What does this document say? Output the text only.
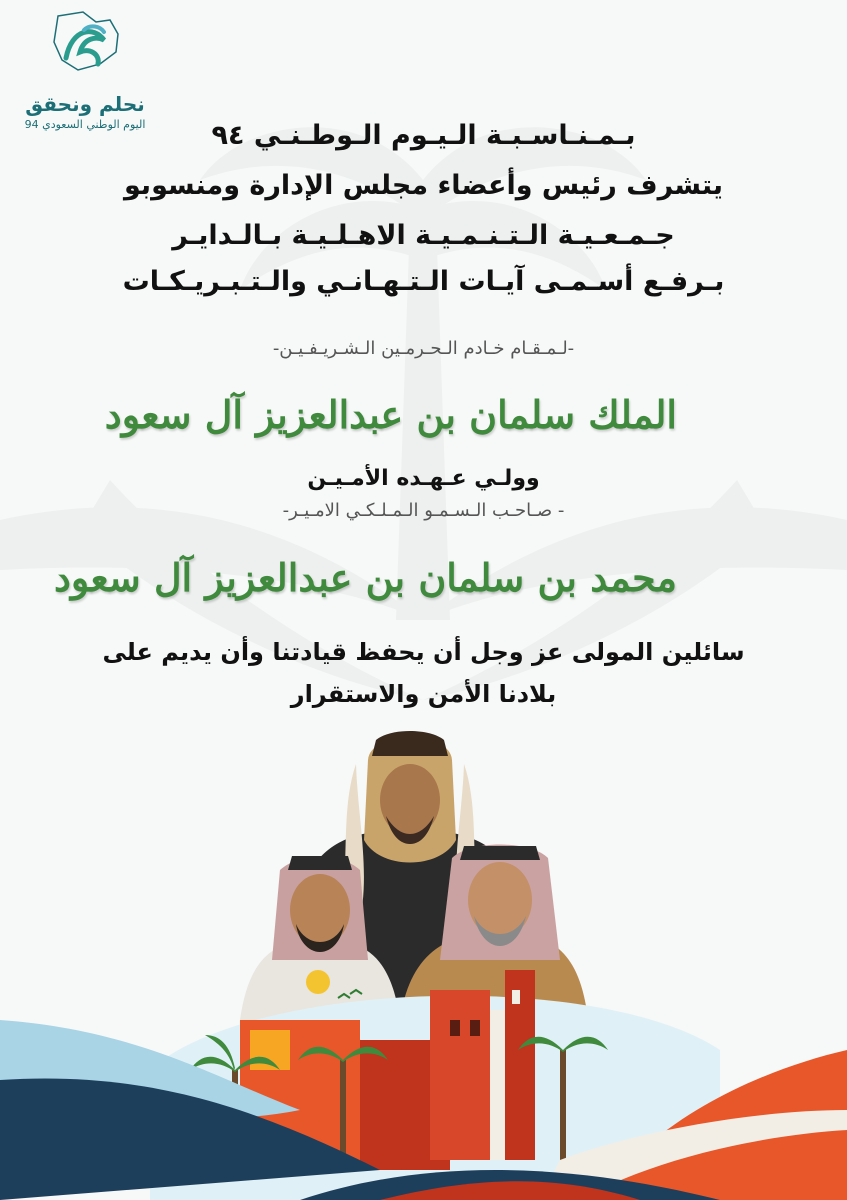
نحلم ونحقق
اليوم الوطني السعودي 94	بـمـنـاسـبـة الـيـوم الـوطـنـي ٩٤
يتشرف رئيس وأعضاء مجلس الإدارة ومنسوبو
جـمـعـيـة الـتـنـمـيـة الاهـلـيـة بـالـدايـر
بـرفـع أسـمـى آيـات الـتـهـانـي والـتـبـريـكـات
-لـمـقـام خـادم الـحـرمـين الـشـريـفـيـن-
الملك سلمان بن عبدالعزيز آل سعود
وولـي عـهـده الأمـيـن
- صـاحـب الـسـمـو الـمـلـكـي الامـيـر-
محمد بن سلمان بن عبدالعزيز آل سعود
سائلين المولى عز وجل أن يحفظ قيادتنا وأن يديم على
بلادنا الأمن والاستقرار
